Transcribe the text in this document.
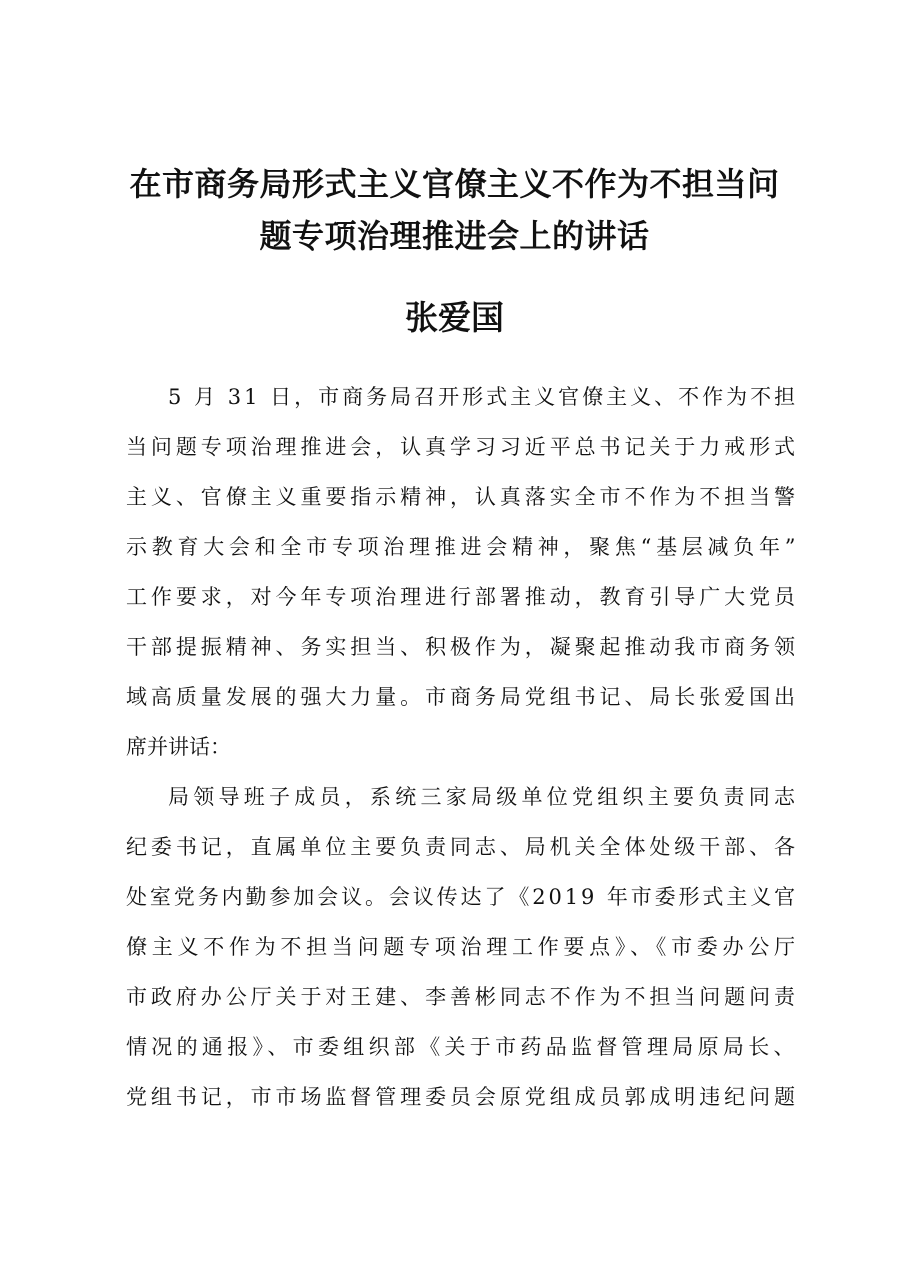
在市商务局形式主义官僚主义不作为不担当问
题专项治理推进会上的讲话
张爱国

5 月 31 日，市商务局召开形式主义官僚主义、不作为不担

当问题专项治理推进会，认真学习习近平总书记关于力戒形式

主义、官僚主义重要指示精神，认真落实全市不作为不担当警

示教育大会和全市专项治理推进会精神，聚焦“基层减负年”

工作要求，对今年专项治理进行部署推动，教育引导广大党员

干部提振精神、务实担当、积极作为，凝聚起推动我市商务领

域高质量发展的强大力量。市商务局党组书记、局长张爱国出

席并讲话：

局领导班子成员，系统三家局级单位党组织主要负责同志

纪委书记，直属单位主要负责同志、局机关全体处级干部、各

处室党务内勤参加会议。会议传达了《2019 年市委形式主义官

僚主义不作为不担当问题专项治理工作要点》、《市委办公厅

市政府办公厅关于对王建、李善彬同志不作为不担当问题问责

情况的通报》、市委组织部《关于市药品监督管理局原局长、

党组书记，市市场监督管理委员会原党组成员郭成明违纪问题
